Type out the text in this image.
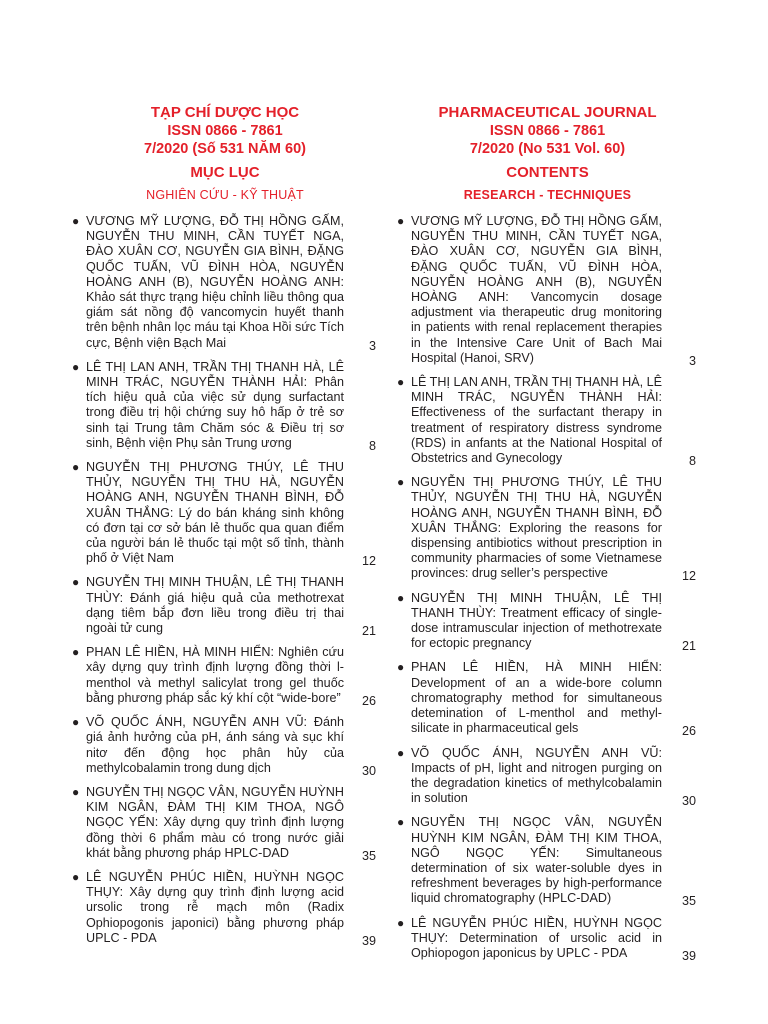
TẠP CHÍ DƯỢC HỌC
ISSN 0866 - 7861
7/2020 (Số 531 NĂM 60)
MỤC LỤC
NGHIÊN CỨU - KỸ THUẬT
● VƯƠNG MỸ LƯỢNG, ĐỖ THỊ HỒNG GẤM, NGUYỄN THU MINH, CẦN TUYẾT NGA, ĐÀO XUÂN CƠ, NGUYỄN GIA BÌNH, ĐẶNG QUỐC TUẤN, VŨ ĐÌNH HÒA, NGUYỄN HOÀNG ANH (B), NGUYỄN HOÀNG ANH: Khảo sát thực trạng hiệu chỉnh liều thông qua giám sát nồng độ vancomycin huyết thanh trên bệnh nhân lọc máu tại Khoa Hồi sức Tích cực, Bệnh viện Bạch Mai	3
● LÊ THỊ LAN ANH, TRẦN THỊ THANH HÀ, LÊ MINH TRÁC, NGUYỄN THÀNH HẢI: Phân tích hiệu quả của việc sử dụng surfactant trong điều trị hội chứng suy hô hấp ở trẻ sơ sinh tại Trung tâm Chăm sóc & Điều trị sơ sinh, Bệnh viện Phụ sản Trung ương	8
● NGUYỄN THỊ PHƯƠNG THÚY, LÊ THU THỦY, NGUYỄN THỊ THU HÀ, NGUYỄN HOÀNG ANH, NGUYỄN THANH BÌNH, ĐỖ XUÂN THẮNG: Lý do bán kháng sinh không có đơn tại cơ sở bán lẻ thuốc qua quan điểm của người bán lẻ thuốc tại một số tỉnh, thành phố ở Việt Nam	12
● NGUYỄN THỊ MINH THUẬN, LÊ THỊ THANH THÙY: Đánh giá hiệu quả của methotrexat dạng tiêm bắp đơn liều trong điều trị thai ngoài tử cung	21
● PHAN LÊ HIỀN, HÀ MINH HIỂN: Nghiên cứu xây dựng quy trình định lượng đồng thời l-menthol và methyl salicylat trong gel thuốc bằng phương pháp sắc ký khí cột “wide-bore” 26
● VÕ QUỐC ÁNH, NGUYỄN ANH VŨ: Đánh giá ảnh hưởng của pH, ánh sáng và sục khí nitơ đến động học phân hủy của methylcobalamin trong dung dịch	30
● NGUYỄN THỊ NGỌC VÂN, NGUYỄN HUỲNH KIM NGÂN, ĐÀM THỊ KIM THOA, NGÔ NGỌC YẾN: Xây dựng quy trình định lượng đồng thời 6 phẩm màu có trong nước giải khát bằng phương pháp HPLC-DAD	35
● LÊ NGUYỄN PHÚC HIỀN, HUỲNH NGỌC THỤY: Xây dựng quy trình định lượng acid ursolic trong rễ mạch môn (Radix Ophiopogonis japonici) bằng phương pháp UPLC - PDA	39
PHARMACEUTICAL JOURNAL
ISSN 0866 - 7861
7/2020 (No 531 Vol. 60)
CONTENTS
RESEARCH - TECHNIQUES
● VƯƠNG MỸ LƯỢNG, ĐỖ THỊ HỒNG GẤM, NGUYỄN THU MINH, CẦN TUYẾT NGA, ĐÀO XUÂN CƠ, NGUYỄN GIA BÌNH, ĐẶNG QUỐC TUẤN, VŨ ĐÌNH HÒA, NGUYỄN HOÀNG ANH (B), NGUYỄN HOÀNG ANH: Vancomycin dosage adjustment via therapeutic drug monitoring in patients with renal replacement therapies in the Intensive Care Unit of Bach Mai Hospital (Hanoi, SRV)	3
● LÊ THỊ LAN ANH, TRẦN THỊ THANH HÀ, LÊ MINH TRÁC, NGUYỄN THÀNH HẢI: Effectiveness of the surfactant therapy in treatment of respiratory distress syndrome (RDS) in anfants at the National Hospital of Obstetrics and Gynecology	8
● NGUYỄN THỊ PHƯƠNG THÚY, LÊ THU THỦY, NGUYỄN THỊ THU HÀ, NGUYỄN HOÀNG ANH, NGUYỄN THANH BÌNH, ĐỖ XUÂN THẮNG: Exploring the reasons for dispensing antibiotics without prescription in community pharmacies of some Vietnamese provinces: drug seller’s perspective	12
● NGUYỄN THỊ MINH THUẬN, LÊ THỊ THANH THÙY: Treatment efficacy of single-dose intramuscular injection of methotrexate for ectopic pregnancy	21
● PHAN LÊ HIỀN, HÀ MINH HIỂN: Development of an a wide-bore column chromatography method for simultaneous detemination of L-menthol and methyl-silicate in pharmaceutical gels	26
● VÕ QUỐC ÁNH, NGUYỄN ANH VŨ: Impacts of pH, light and nitrogen purging on the degradation kinetics of methylcobalamin in solution	30
● NGUYỄN THỊ NGỌC VÂN, NGUYỄN HUỲNH KIM NGÂN, ĐÀM THỊ KIM THOA, NGÔ NGỌC YẾN: Simultaneous determination of six water-soluble dyes in refreshment beverages by high-performance liquid chromatography (HPLC-DAD)	35
● LÊ NGUYỄN PHÚC HIỀN, HUỲNH NGỌC THỤY: Determination of ursolic acid in Ophiopogon japonicus by UPLC - PDA	39
